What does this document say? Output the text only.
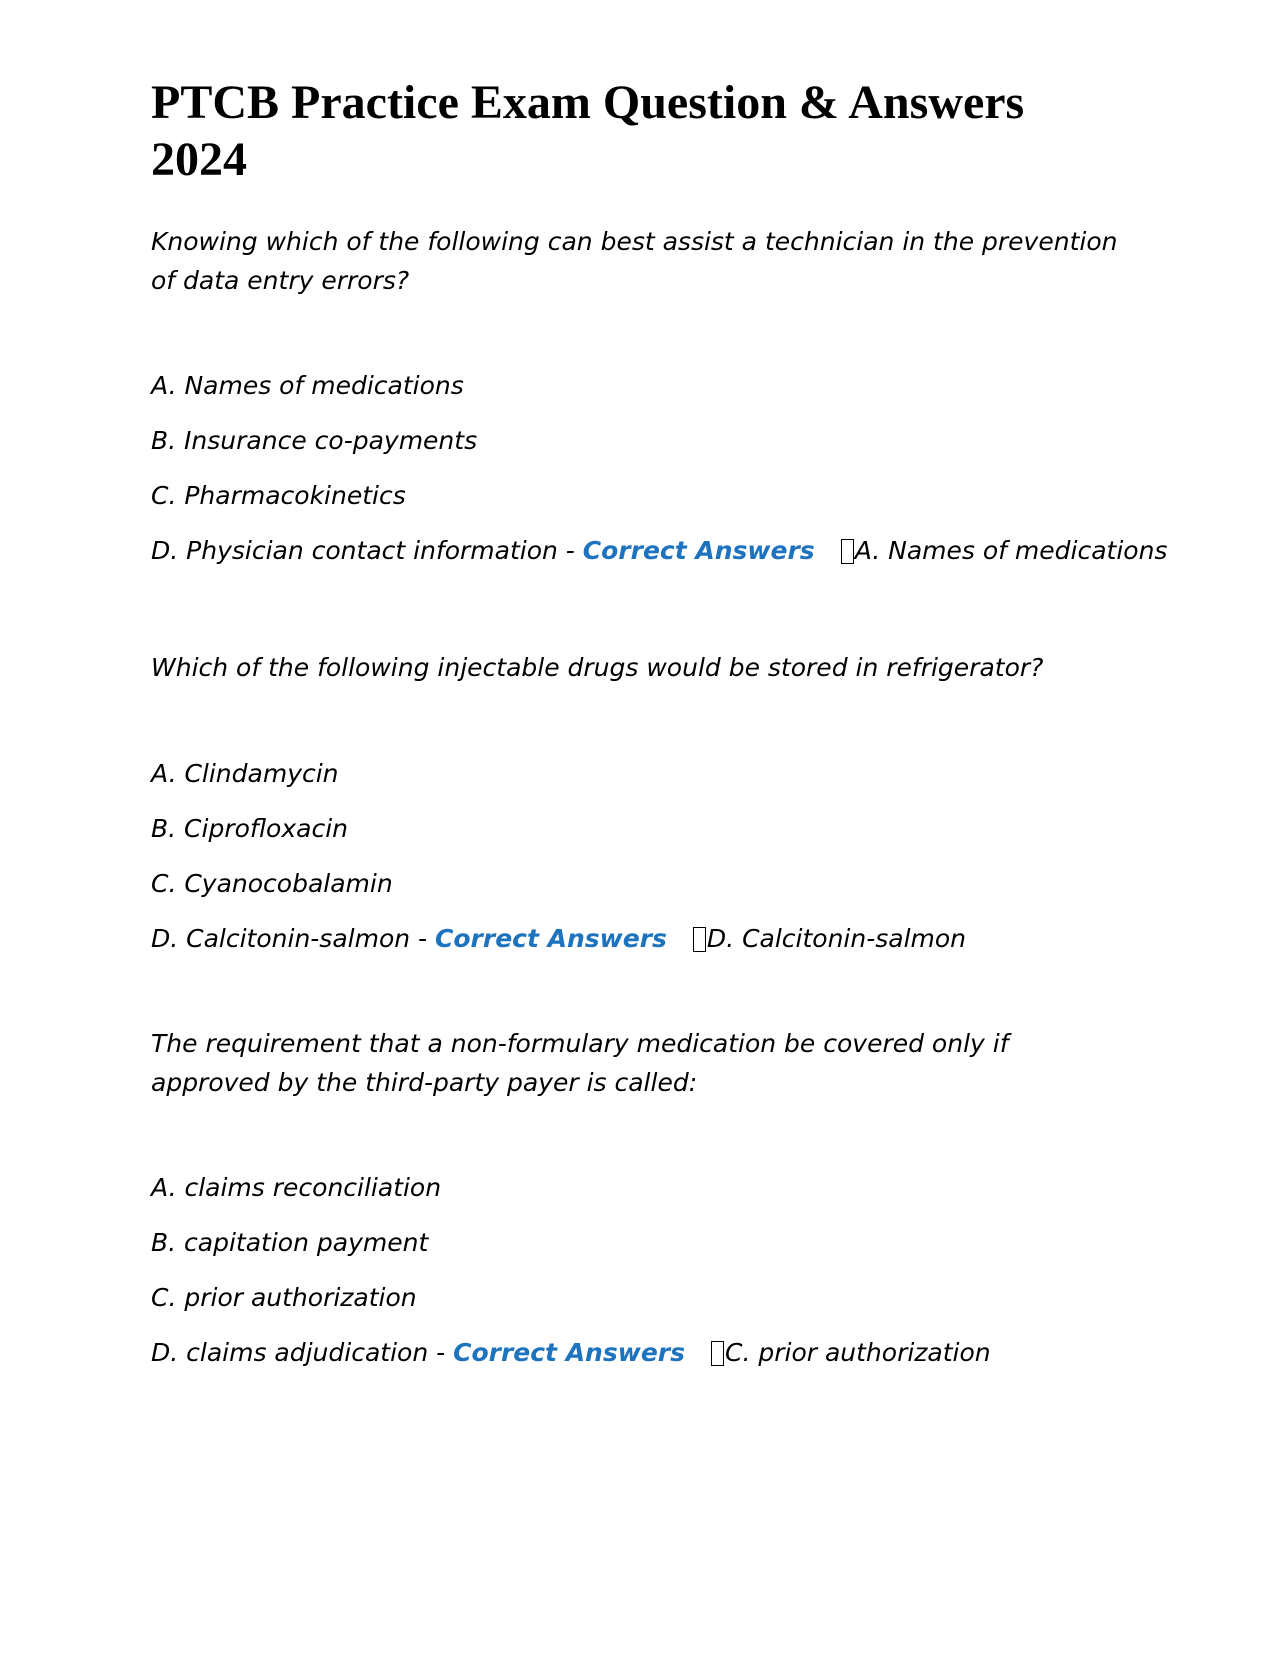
PTCB Practice Exam Question & Answers 2024

Knowing which of the following can best assist a technician in the prevention of data entry errors?

A. Names of medications

B. Insurance co-payments

C. Pharmacokinetics

D. Physician contact information - Correct Answers A. Names of medications

Which of the following injectable drugs would be stored in refrigerator?

A. Clindamycin

B. Ciprofloxacin

C. Cyanocobalamin

D. Calcitonin-salmon - Correct Answers D. Calcitonin-salmon

The requirement that a non-formulary medication be covered only if approved by the third-party payer is called:

A. claims reconciliation

B. capitation payment

C. prior authorization

D. claims adjudication - Correct Answers C. prior authorization
